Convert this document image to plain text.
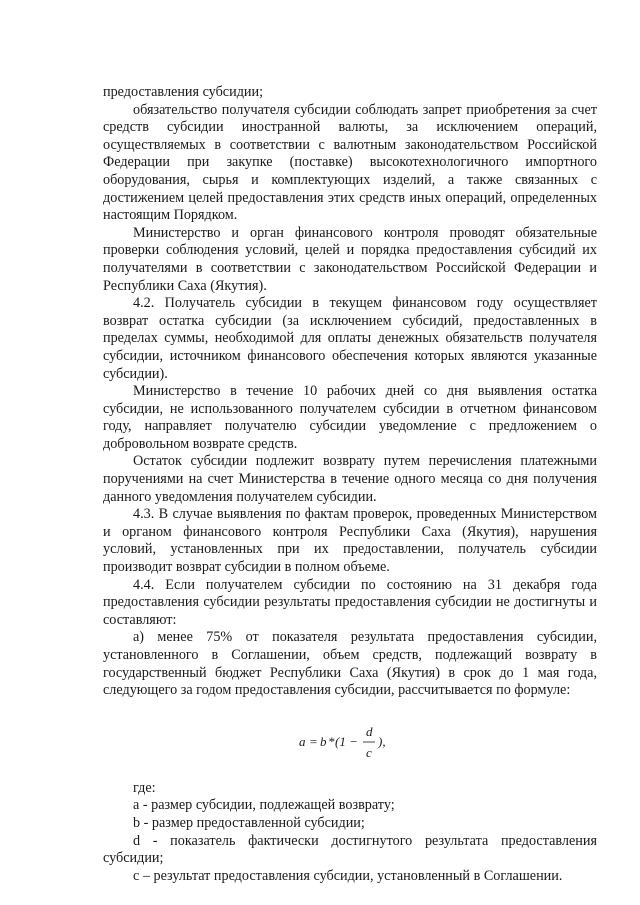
предоставления субсидии;

обязательство получателя субсидии соблюдать запрет приобретения за счет средств субсидии иностранной валюты, за исключением операций, осуществляемых в соответствии с валютным законодательством Российской Федерации при закупке (поставке) высокотехнологичного импортного оборудования, сырья и комплектующих изделий, а также связанных с достижением целей предоставления этих средств иных операций, определенных настоящим Порядком.

Министерство и орган финансового контроля проводят обязательные проверки соблюдения условий, целей и порядка предоставления субсидий их получателями в соответствии с законодательством Российской Федерации и Республики Саха (Якутия).

4.2. Получатель субсидии в текущем финансовом году осуществляет возврат остатка субсидии (за исключением субсидий, предоставленных в пределах суммы, необходимой для оплаты денежных обязательств получателя субсидии, источником финансового обеспечения которых являются указанные субсидии).

Министерство в течение 10 рабочих дней со дня выявления остатка субсидии, не использованного получателем субсидии в отчетном финансовом году, направляет получателю субсидии уведомление с предложением о добровольном возврате средств.

Остаток субсидии подлежит возврату путем перечисления платежными поручениями на счет Министерства в течение одного месяца со дня получения данного уведомления получателем субсидии.

4.3. В случае выявления по фактам проверок, проведенных Министерством и органом финансового контроля Республики Саха (Якутия), нарушения условий, установленных при их предоставлении, получатель субсидии производит возврат субсидии в полном объеме.

4.4. Если получателем субсидии по состоянию на 31 декабря года предоставления субсидии результаты предоставления субсидии не достигнуты и составляют:

а) менее 75% от показателя результата предоставления субсидии, установленного в Соглашении, объем средств, подлежащий возврату в государственный бюджет Республики Саха (Якутия) в срок до 1 мая года, следующего за годом предоставления субсидии, рассчитывается по формуле:

a = b * (1 −
d
c
),

где:

a - размер субсидии, подлежащей возврату;

b - размер предоставленной субсидии;

d - показатель фактически достигнутого результата предоставления субсидии;

c – результат предоставления субсидии, установленный в Соглашении.
